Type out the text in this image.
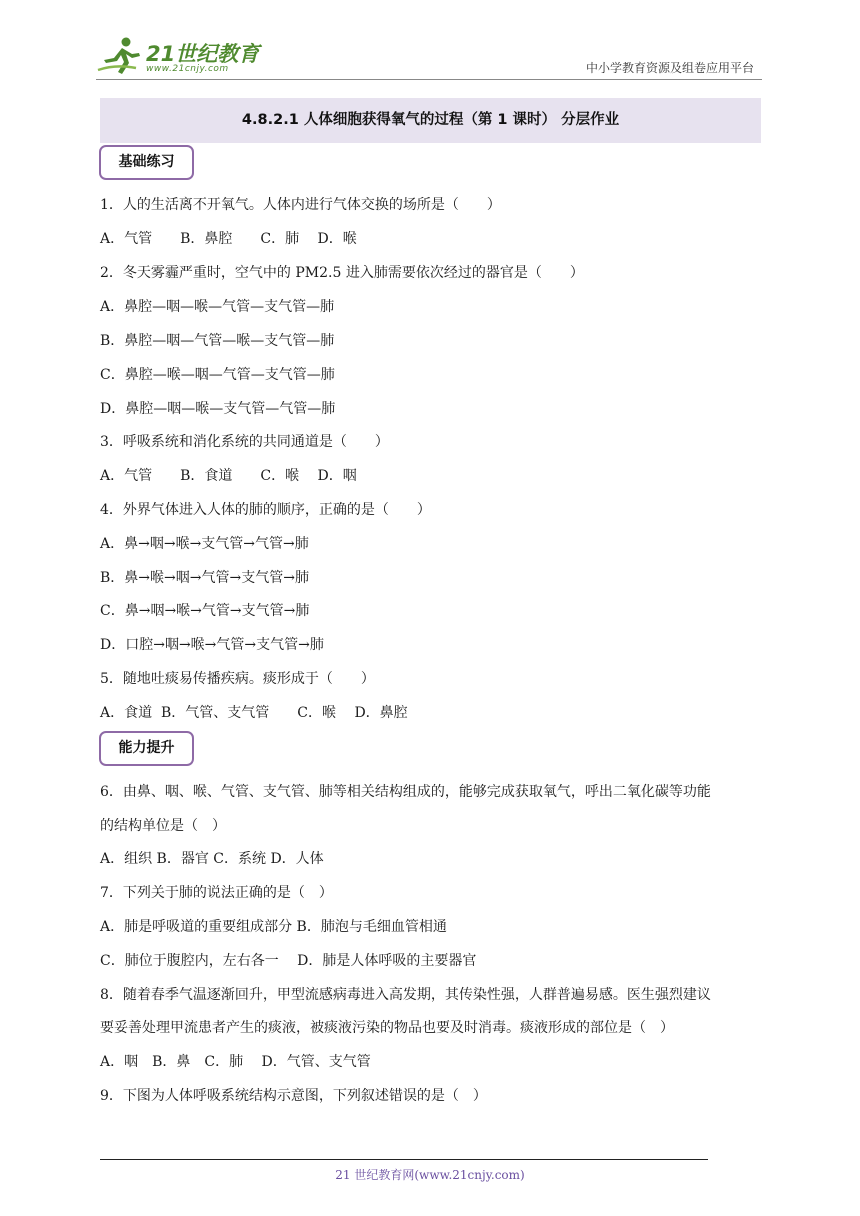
21世纪教育
www.21cnjy.com	中小学教育资源及组卷应用平台
4.8.2.1 人体细胞获得氧气的过程（第 1 课时） 分层作业
基础练习
1．人的生活离不开氧气。人体内进行气体交换的场所是（　　）
A．气管　　B．鼻腔　　C．肺　 D．喉
2．冬天雾霾严重时，空气中的 PM2.5 进入肺需要依次经过的器官是（　　）
A．鼻腔—咽—喉—气管—支气管—肺
B．鼻腔—咽—气管—喉—支气管—肺
C．鼻腔—喉—咽—气管—支气管—肺
D．鼻腔—咽—喉—支气管—气管—肺
3．呼吸系统和消化系统的共同通道是（　　）
A．气管　　B．食道　　C．喉　 D．咽
4．外界气体进入人体的肺的顺序，正确的是（　　）
A．鼻→咽→喉→支气管→气管→肺
B．鼻→喉→咽→气管→支气管→肺
C．鼻→咽→喉→气管→支气管→肺
D．口腔→咽→喉→气管→支气管→肺
5．随地吐痰易传播疾病。痰形成于（　　）
A．食道  B．气管、支气管　　C．喉　 D．鼻腔
能力提升
6．由鼻、咽、喉、气管、支气管、肺等相关结构组成的，能够完成获取氧气，呼出二氧化碳等功能
的结构单位是（　）
A．组织 B．器官 C．系统 D．人体
7．下列关于肺的说法正确的是（　）
A．肺是呼吸道的重要组成部分 B．肺泡与毛细血管相通
C．肺位于腹腔内，左右各一　 D．肺是人体呼吸的主要器官
8．随着春季气温逐渐回升，甲型流感病毒进入高发期，其传染性强，人群普遍易感。医生强烈建议
要妥善处理甲流患者产生的痰液，被痰液污染的物品也要及时消毒。痰液形成的部位是（　）
A．咽　B．鼻　C．肺　 D．气管、支气管
9．下图为人体呼吸系统结构示意图，下列叙述错误的是（　）
21 世纪教育网(www.21cnjy.com)
